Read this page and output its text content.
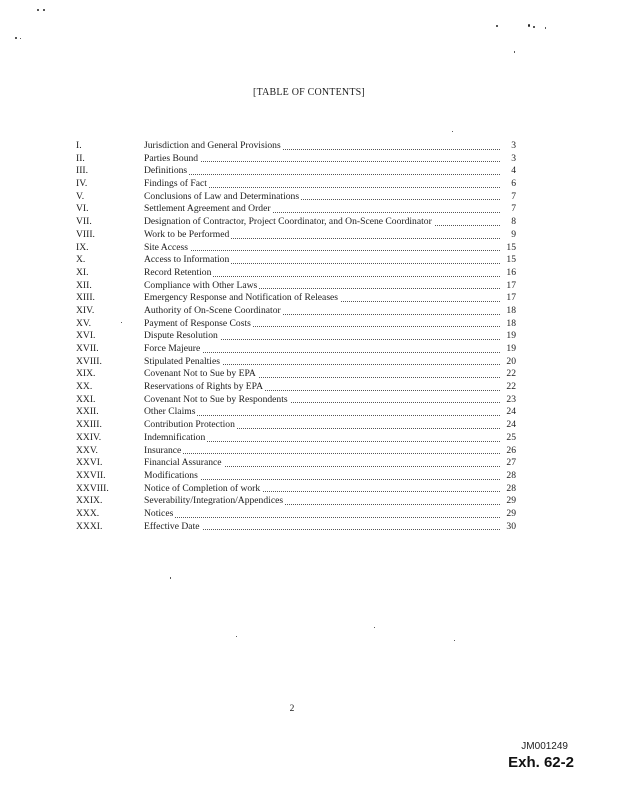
[TABLE OF CONTENTS]
I.	Jurisdiction and General Provisions	3
II.	Parties Bound	3
III.	Definitions	4
IV.	Findings of Fact	6
V.	Conclusions of Law and Determinations	7
VI.	Settlement Agreement and Order	7
VII.	Designation of Contractor, Project Coordinator, and On-Scene Coordinator	8
VIII.	Work to be Performed	9
IX.	Site Access	15
X.	Access to Information	15
XI.	Record Retention	16
XII.	Compliance with Other Laws	17
XIII.	Emergency Response and Notification of Releases	17
XIV.	Authority of On-Scene Coordinator	18
XV.	Payment of Response Costs	18
XVI.	Dispute Resolution	19
XVII.	Force Majeure	19
XVIII.	Stipulated Penalties	20
XIX.	Covenant Not to Sue by EPA	22
XX.	Reservations of Rights by EPA	22
XXI.	Covenant Not to Sue by Respondents	23
XXII.	Other Claims	24
XXIII.	Contribution Protection	24
XXIV.	Indemnification	25
XXV.	Insurance	26
XXVI.	Financial Assurance	27
XXVII.	Modifications	28
XXVIII.	Notice of Completion of work	28
XXIX.	Severability/Integration/Appendices	29
XXX.	Notices	29
XXXI.	Effective Date	30
2
JM001249
Exh. 62-2
